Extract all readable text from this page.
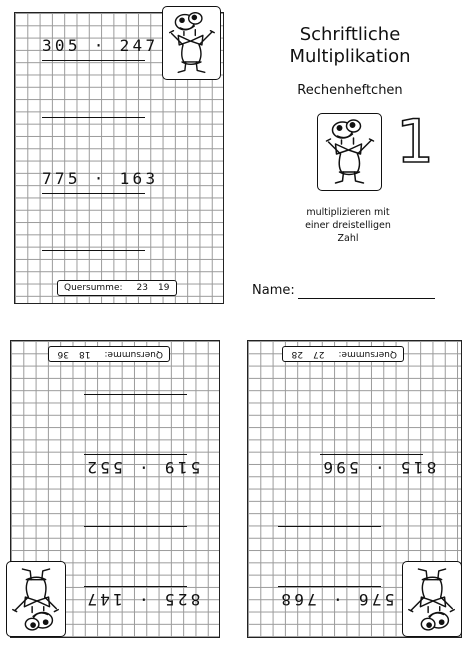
305 · 247
775 · 163
Quersumme: 23 19
Schriftliche
Multiplikation
Rechenheftchen
1
multiplizieren mit
einer dreistelligen
Zahl
Name:
519 · 552
825 · 147
Quersumme:
18
36
815 · 596
576 · 768
Quersumme:
27
28
